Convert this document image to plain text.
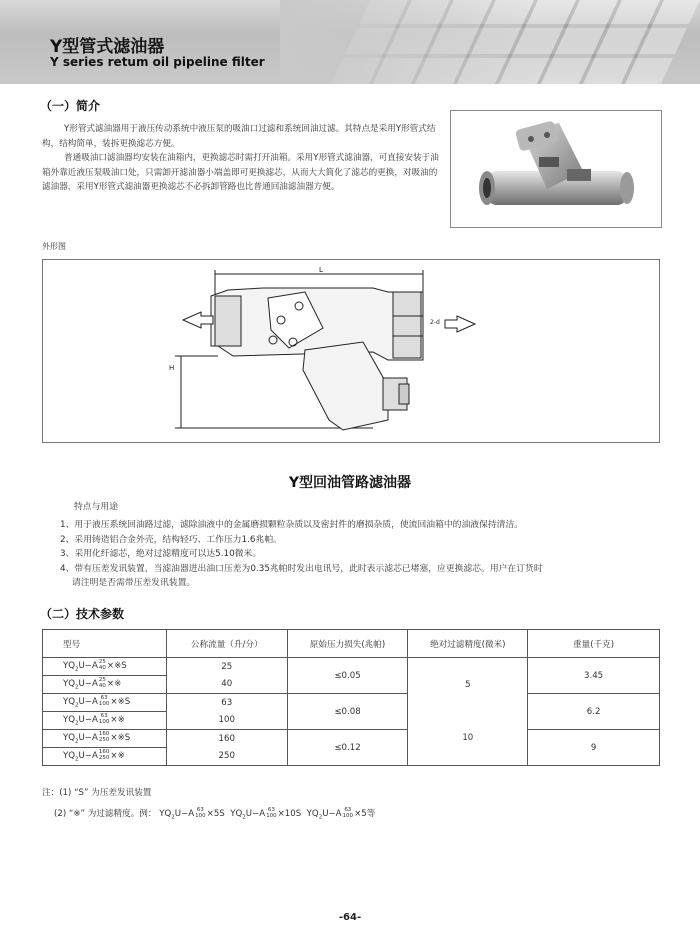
Y型管式滤油器
Y series retum oil pipeline filter
（一）简介

Y形管式滤油器用于液压传动系统中液压泵的吸油口过滤和系统回油过滤。其特点是采用Y形管式结构，结构简单，装拆更换滤芯方便。

普通吸油口滤油器均安装在油箱内，更换滤芯时需打开油箱。采用Y形管式滤油器，可直接安装于油箱外靠近液压泵吸油口处，只需卸开滤油器小端盖即可更换滤芯，从而大大简化了滤芯的更换，对吸油的滤油器，采用Y形管式滤油器更换滤芯不必拆卸管路也比普通回油滤油器方便。

外形图
L
H
2-d
Y型回油管路滤油器
特点与用途
1、用于液压系统回油路过滤，滤除油液中的金属磨损颗粒杂质以及密封件的磨损杂质，使流回油箱中的油液保持清洁。
2、采用铸造铝合金外壳，结构轻巧、工作压力1.6兆帕。
3、采用化纤滤芯，绝对过滤精度可以达5.10微米。
4、带有压差发讯装置，当滤油器进出油口压差为0.35兆帕时发出电讯号，此时表示滤芯已堵塞，应更换滤芯。用户在订货时
请注明是否需带压差发讯装置。
（二）技术参数
型号	公称流量（升/分）	原始压力损失(兆帕)	绝对过滤精度(微米)	重量(千克)
$YQ_2U-A$ 25
40 ×※S	25	≤0.05	5	3.45
$YQ_2U-A$ 25
40 ×※	40			
$YQ_2U-A$ 63
100 ×※S	63	≤0.08		6.2
$YQ_2U-A$ 63
100 ×※	100		10	
$YQ_2U-A$ 160
250 ×※S	160	≤0.12		9
$YQ_2U-A$ 160
250 ×※	250			
注：(1) “S” 为压差发讯装置
(2) “※” 为过滤精度。例： $YQ_2U-A$ 63
100 ×5S $YQ_2U-A$ 63
100 ×10S $YQ_2U-A$ 63
100 ×5等
-64-
